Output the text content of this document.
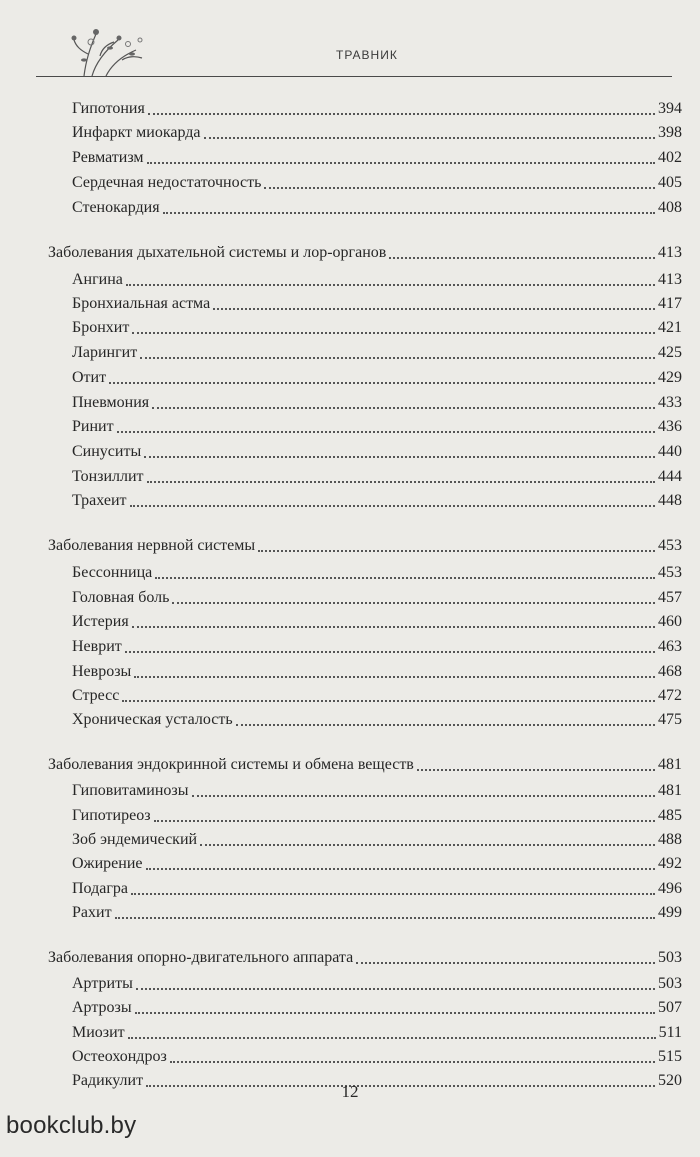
ТРАВНИК
Гипотония	394
Инфаркт миокарда	398
Ревматизм	402
Сердечная недостаточность	405
Стенокардия	408
Заболевания дыхательной системы и лор-органов	413
Ангина	413
Бронхиальная астма	417
Бронхит	421
Ларингит	425
Отит	429
Пневмония	433
Ринит	436
Синуситы	440
Тонзиллит	444
Трахеит	448
Заболевания нервной системы	453
Бессонница	453
Головная боль	457
Истерия	460
Неврит	463
Неврозы	468
Стресс	472
Хроническая усталость	475
Заболевания эндокринной системы и обмена веществ	481
Гиповитаминозы	481
Гипотиреоз	485
Зоб эндемический	488
Ожирение	492
Подагра	496
Рахит	499
Заболевания опорно-двигательного аппарата	503
Артриты	503
Артрозы	507
Миозит	511
Остеохондроз	515
Радикулит	520
12
bookclub.by
